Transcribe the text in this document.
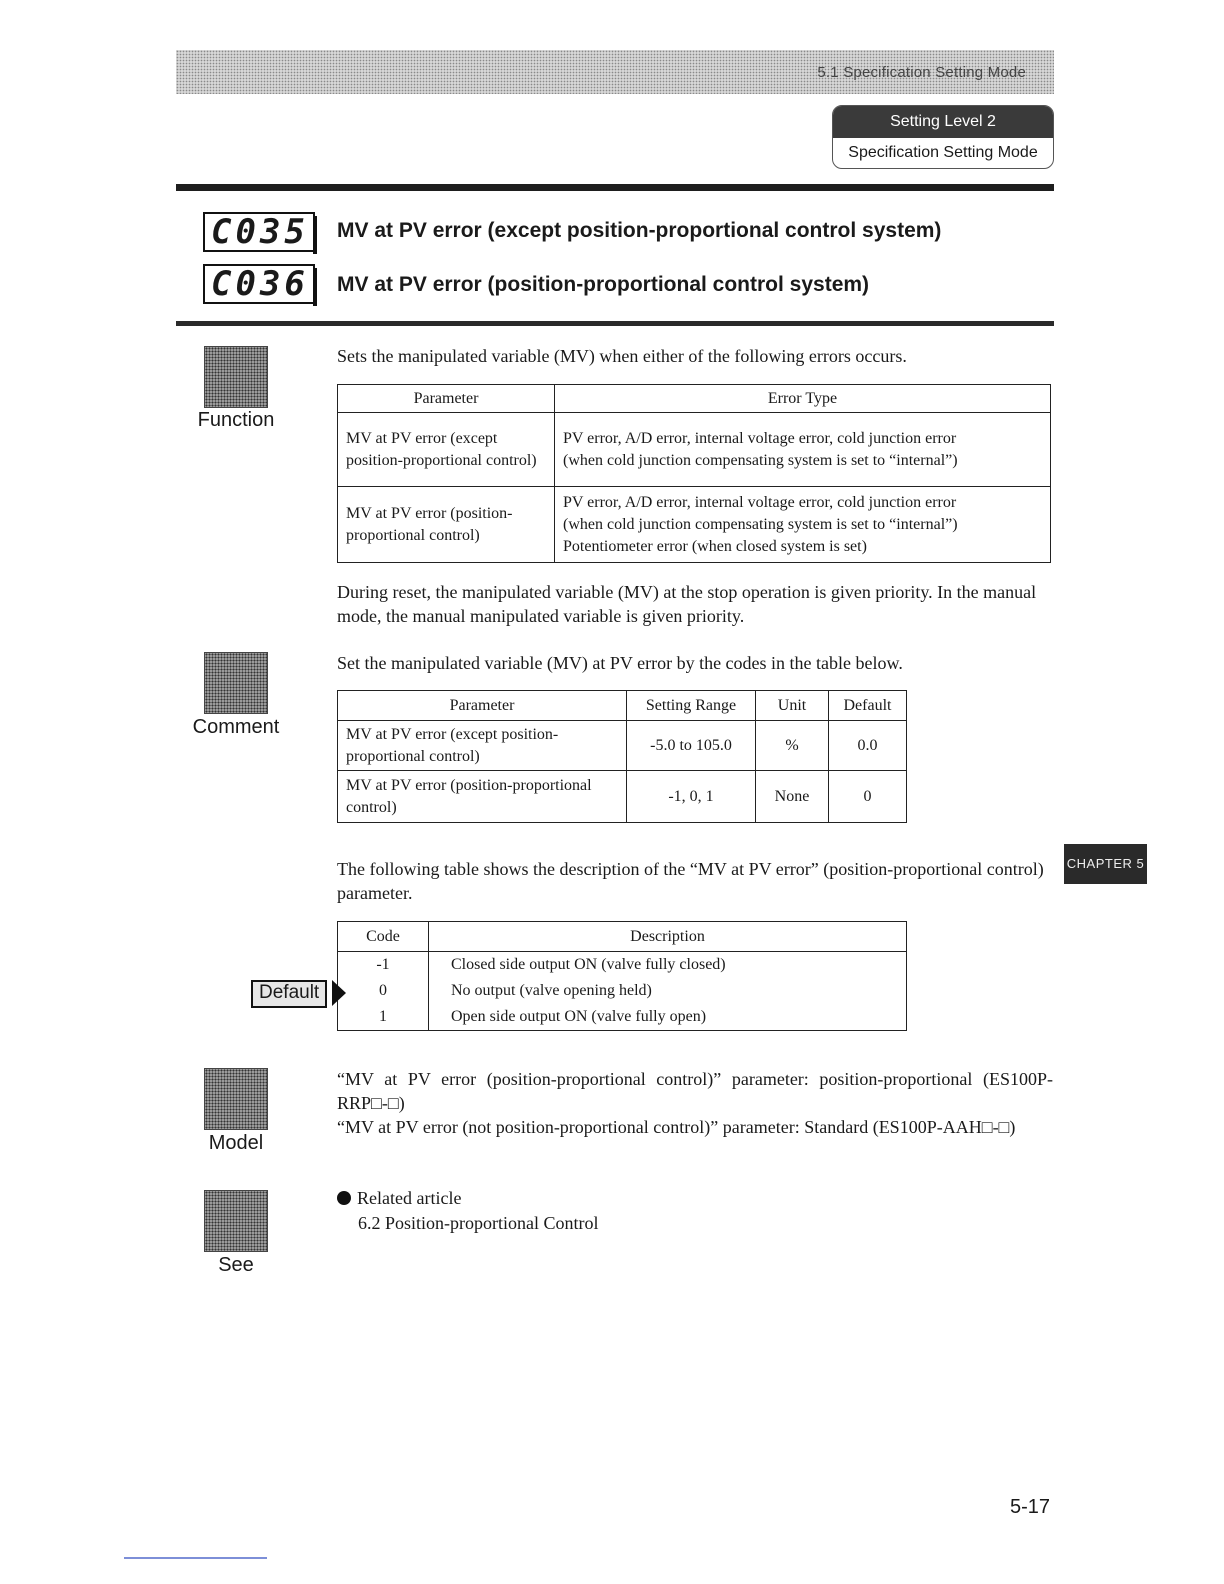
5.1 Specification Setting Mode
Setting Level 2
Specification Setting Mode
C035 MV at PV error (except position-proportional control system)
C036 MV at PV error (position-proportional control system)
Function
Sets the manipulated variable (MV) when either of the following errors occurs.
Parameter	Error Type
MV at PV error (except position-proportional control)	PV error, A/D error, internal voltage error, cold junction error
(when cold junction compensating system is set to “internal”)

MV at PV error (position-proportional control)	PV error, A/D error, internal voltage error, cold junction error
(when cold junction compensating system is set to “internal”)
Potentiometer error (when closed system is set)
During reset, the manipulated variable (MV) at the stop operation is given priority. In the manual mode, the manual manipulated variable is given priority.
Comment
Set the manipulated variable (MV) at PV error by the codes in the table below.
Parameter	Setting Range	Unit	Default
MV at PV error (except position-proportional control)	-5.0 to 105.0	%	0.0
MV at PV error (position-proportional control)	-1, 0, 1	None	0
The following table shows the description of the “MV at PV error” (position-proportional control) parameter.
Code	Description
-1	Closed side output ON (valve fully closed)
0	No output (valve opening held)
1	Open side output ON (valve fully open)
Default
CHAPTER 5
Model
“MV at PV error (position-proportional control)” parameter: position-proportional (ES100P-RRP□-□)
“MV at PV error (not position-proportional control)” parameter: Standard (ES100P-AAH□-□)
See
Related article
6.2 Position-proportional Control
5-17
